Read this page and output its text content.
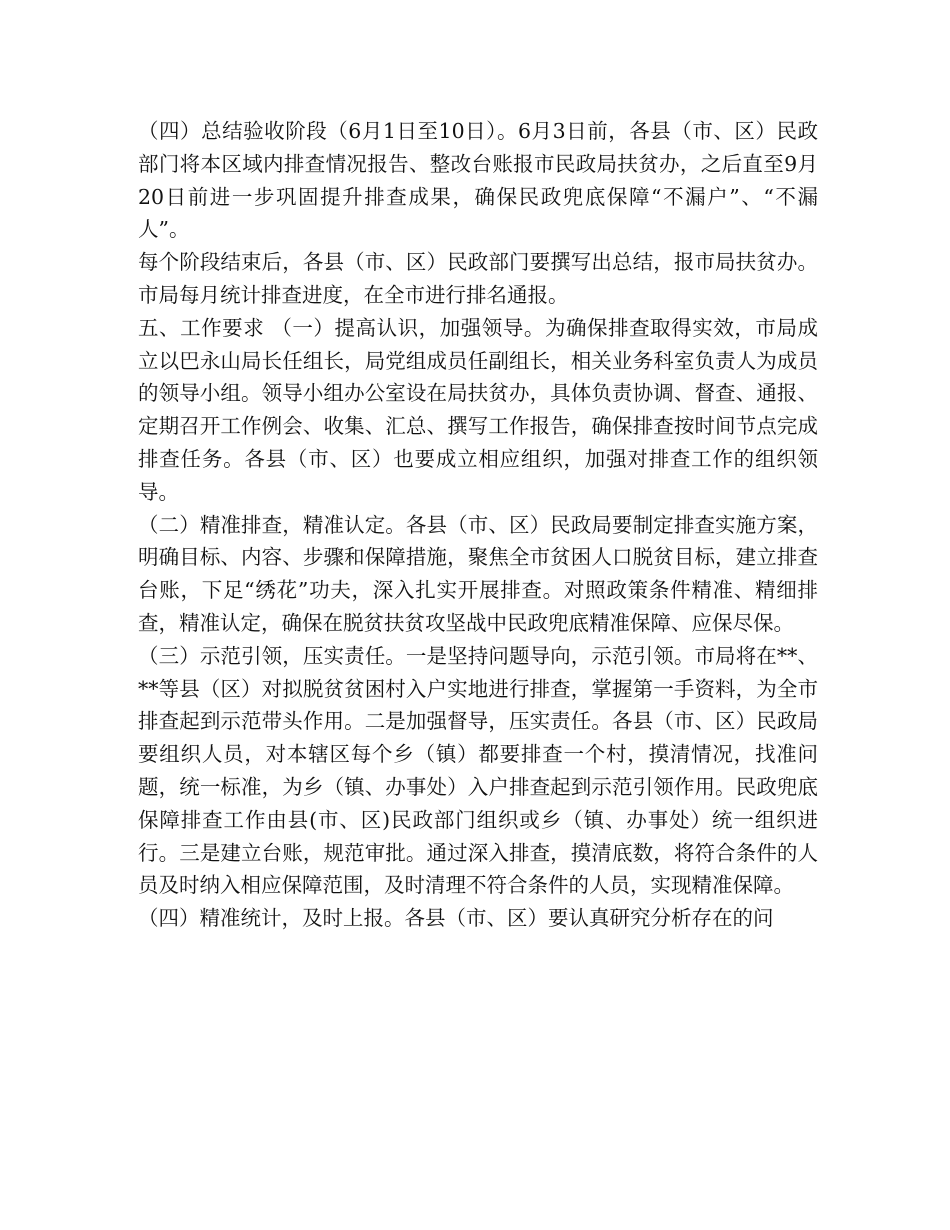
（四）总结验收阶段（6月1日至10日）。6月3日前，各县（市、区）民政部门将本区域内排查情况报告、整改台账报市民政局扶贫办，之后直至9月20日前进一步巩固提升排查成果，确保民政兜底保障“不漏户”、“不漏人”。

每个阶段结束后，各县（市、区）民政部门要撰写出总结，报市局扶贫办。市局每月统计排查进度，在全市进行排名通报。

五、工作要求 （一）提高认识，加强领导。为确保排查取得实效，市局成立以巴永山局长任组长，局党组成员任副组长，相关业务科室负责人为成员的领导小组。领导小组办公室设在局扶贫办，具体负责协调、督查、通报、定期召开工作例会、收集、汇总、撰写工作报告，确保排查按时间节点完成排查任务。各县（市、区）也要成立相应组织，加强对排查工作的组织领导。

（二）精准排查，精准认定。各县（市、区）民政局要制定排查实施方案，明确目标、内容、步骤和保障措施，聚焦全市贫困人口脱贫目标，建立排查台账，下足“绣花”功夫，深入扎实开展排查。对照政策条件精准、精细排查，精准认定，确保在脱贫扶贫攻坚战中民政兜底精准保障、应保尽保。

（三）示范引领，压实责任。一是坚持问题导向，示范引领。市局将在**、**等县（区）对拟脱贫贫困村入户实地进行排查，掌握第一手资料，为全市排查起到示范带头作用。二是加强督导，压实责任。各县（市、区）民政局要组织人员，对本辖区每个乡（镇）都要排查一个村，摸清情况，找准问题，统一标准，为乡（镇、办事处）入户排查起到示范引领作用。民政兜底保障排查工作由县(市、区)民政部门组织或乡（镇、办事处）统一组织进行。三是建立台账，规范审批。通过深入排查，摸清底数，将符合条件的人员及时纳入相应保障范围，及时清理不符合条件的人员，实现精准保障。

（四）精准统计，及时上报。各县（市、区）要认真研究分析存在的问
